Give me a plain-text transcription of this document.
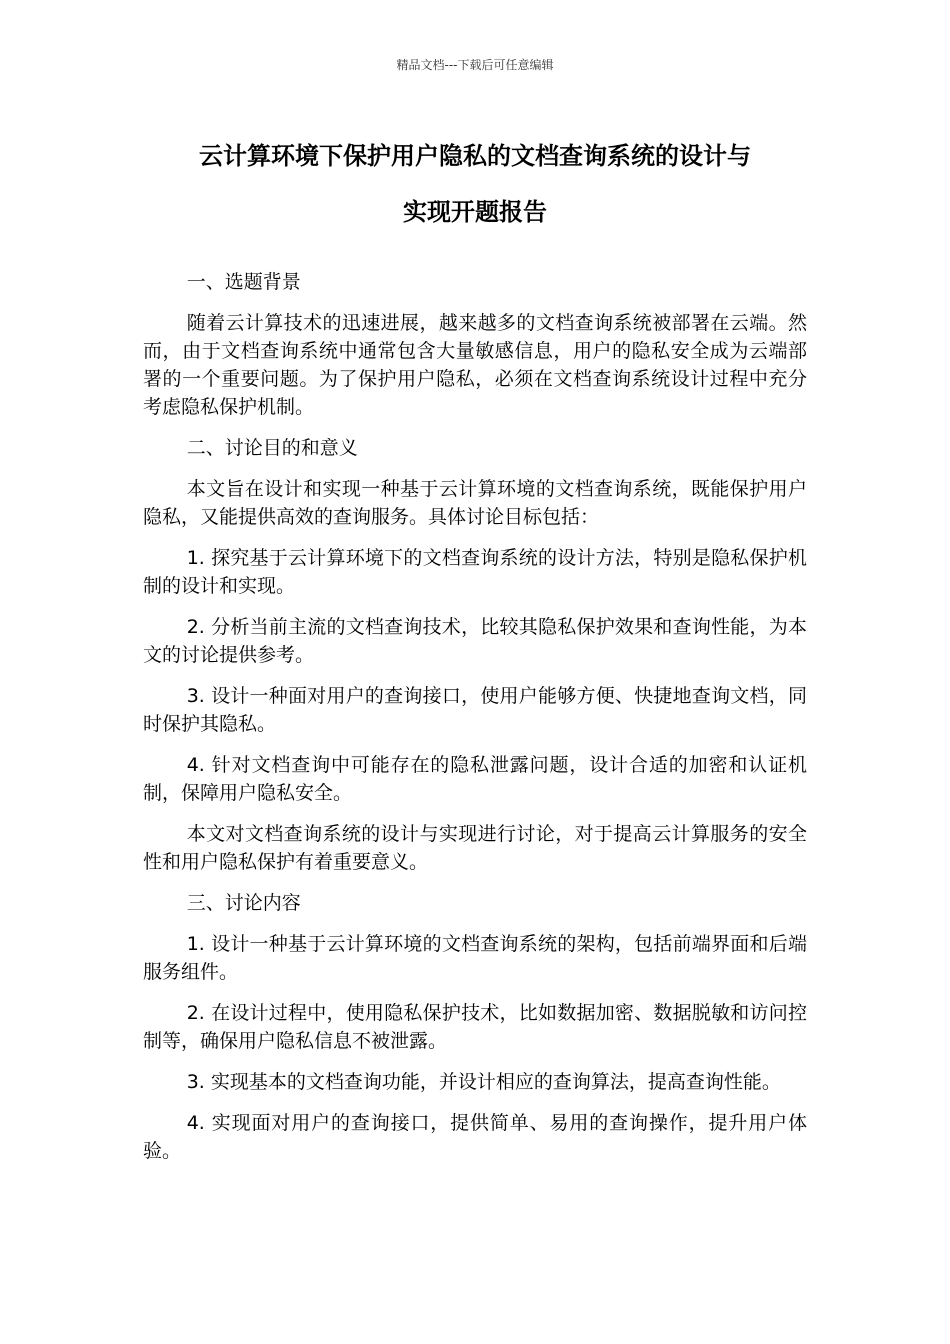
精品文档---下载后可任意编辑
云计算环境下保护用户隐私的文档查询系统的设计与
实现开题报告

一、选题背景

随着云计算技术的迅速进展，越来越多的文档查询系统被部署在云端。然而，由于文档查询系统中通常包含大量敏感信息，用户的隐私安全成为云端部署的一个重要问题。为了保护用户隐私，必须在文档查询系统设计过程中充分考虑隐私保护机制。

二、讨论目的和意义

本文旨在设计和实现一种基于云计算环境的文档查询系统，既能保护用户隐私，又能提供高效的查询服务。具体讨论目标包括：

1. 探究基于云计算环境下的文档查询系统的设计方法，特别是隐私保护机制的设计和实现。

2. 分析当前主流的文档查询技术，比较其隐私保护效果和查询性能，为本文的讨论提供参考。

3. 设计一种面对用户的查询接口，使用户能够方便、快捷地查询文档，同时保护其隐私。

4. 针对文档查询中可能存在的隐私泄露问题，设计合适的加密和认证机制，保障用户隐私安全。

本文对文档查询系统的设计与实现进行讨论，对于提高云计算服务的安全性和用户隐私保护有着重要意义。

三、讨论内容

1. 设计一种基于云计算环境的文档查询系统的架构，包括前端界面和后端服务组件。

2. 在设计过程中，使用隐私保护技术，比如数据加密、数据脱敏和访问控制等，确保用户隐私信息不被泄露。

3. 实现基本的文档查询功能，并设计相应的查询算法，提高查询性能。

4. 实现面对用户的查询接口，提供简单、易用的查询操作，提升用户体验。
